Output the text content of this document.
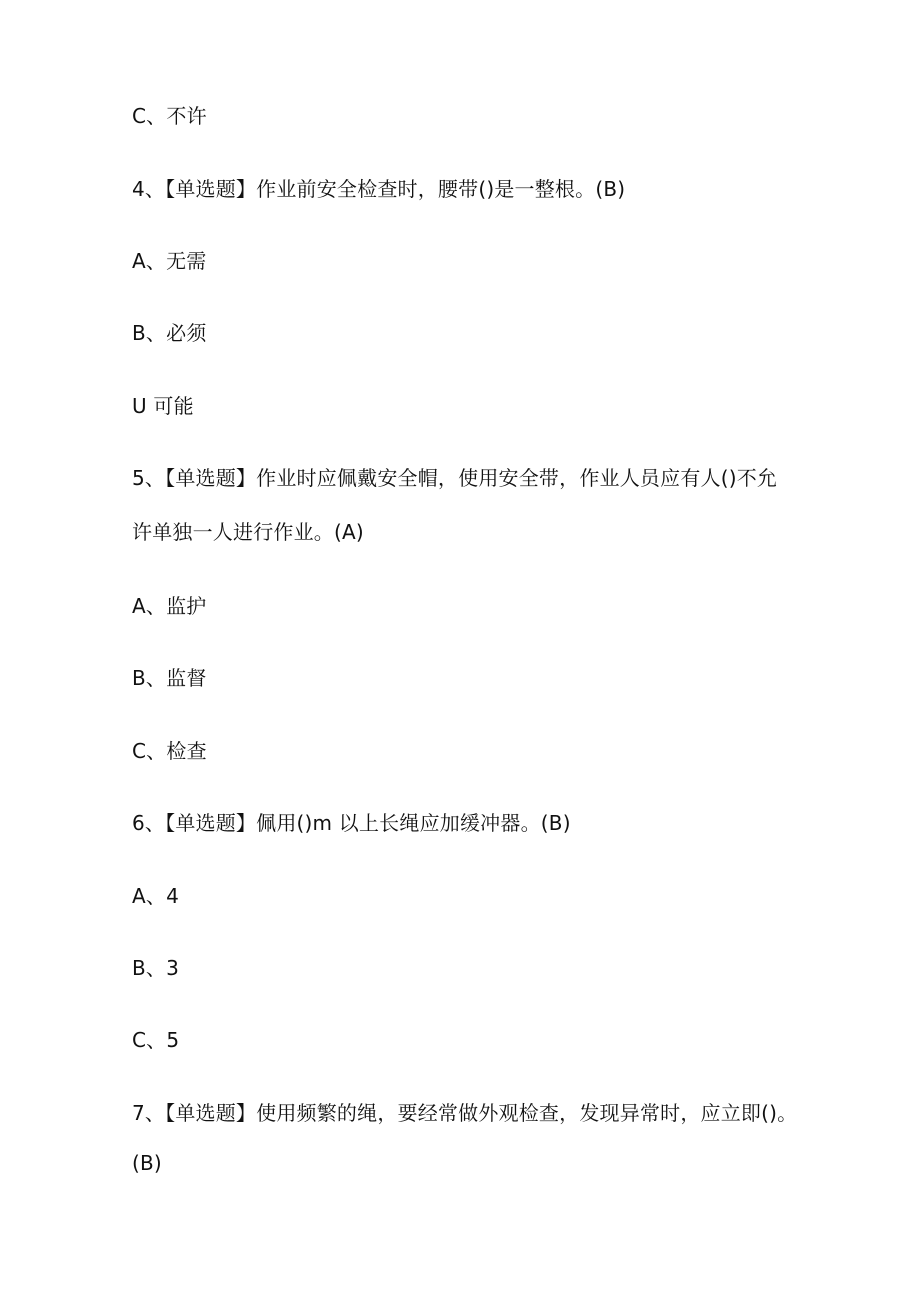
C、不许
4、【单选题】作业前安全检查时，腰带()是一整根。(B)
A、无需
B、必须
U 可能
5、【单选题】作业时应佩戴安全帽，使用安全带，作业人员应有人()不允
许单独一人进行作业。(A)
A、监护
B、监督
C、检查
6、【单选题】佩用()m 以上长绳应加缓冲器。(B)
A、4
B、3
C、5
7、【单选题】使用频繁的绳，要经常做外观检查，发现异常时，应立即()。
(B)
